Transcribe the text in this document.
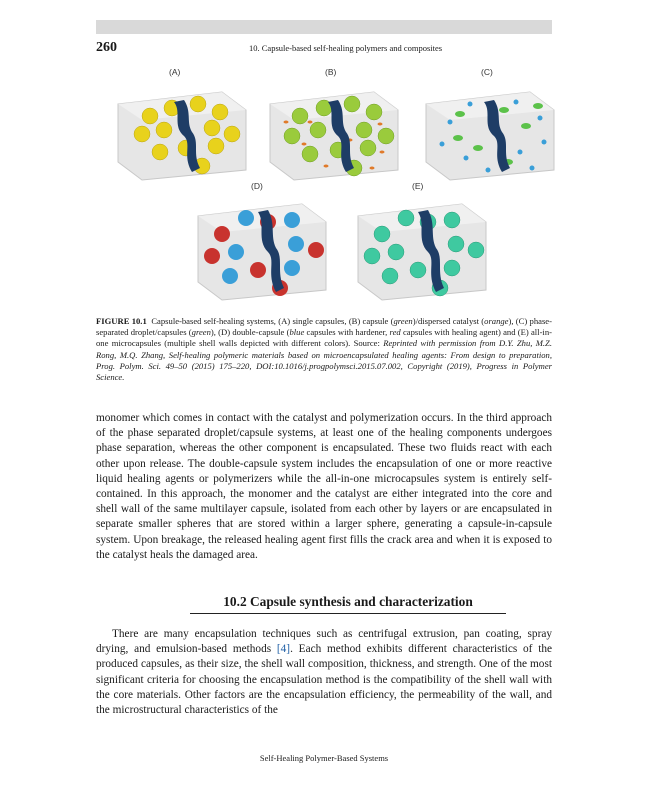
260	10. Capsule-based self-healing polymers and composites
(A)	(B)	(C)
(D)	(E)
FIGURE 10.1 Capsule-based self-healing systems, (A) single capsules, (B) capsule (green)/dispersed catalyst (orange), (C) phase-separated droplet/capsules (green), (D) double-capsule (blue capsules with hardener, red capsules with healing agent) and (E) all-in-one microcapsules (multiple shell walls depicted with different colors). Source: Reprinted with permission from D.Y. Zhu, M.Z. Rong, M.Q. Zhang, Self-healing polymeric materials based on microencapsulated healing agents: From design to preparation, Prog. Polym. Sci. 49–50 (2015) 175–220, DOI:10.1016/j.progpolymsci.2015.07.002, Copyright (2019), Progress in Polymer Science.

monomer which comes in contact with the catalyst and polymerization occurs. In the third approach of the phase separated droplet/capsule systems, at least one of the healing components undergoes phase separation, whereas the other component is encapsulated. These two fluids react with each other upon release. The double-capsule system includes the encapsulation of one or more reactive liquid healing agents or polymerizers while the all-in-one microcapsules system is entirely self-contained. In this approach, the monomer and the catalyst are either integrated into the core and shell wall of the same multilayer capsule, isolated from each other by layers or are encapsulated in separate smaller spheres that are stored within a larger sphere, generating a capsule-in-capsule system. Upon breakage, the released healing agent first fills the crack area and when it is exposed to the catalyst heals the damaged area.

10.2 Capsule synthesis and characterization

There are many encapsulation techniques such as centrifugal extrusion, pan coating, spray drying, and emulsion-based methods [4]. Each method exhibits different characteristics of the produced capsules, as their size, the shell wall composition, thickness, and strength. One of the most significant criteria for choosing the encapsulation method is the compatibility of the shell wall with the core materials. Other factors are the encapsulation efficiency, the permeability of the wall, and the microstructural characteristics of the

Self-Healing Polymer-Based Systems
